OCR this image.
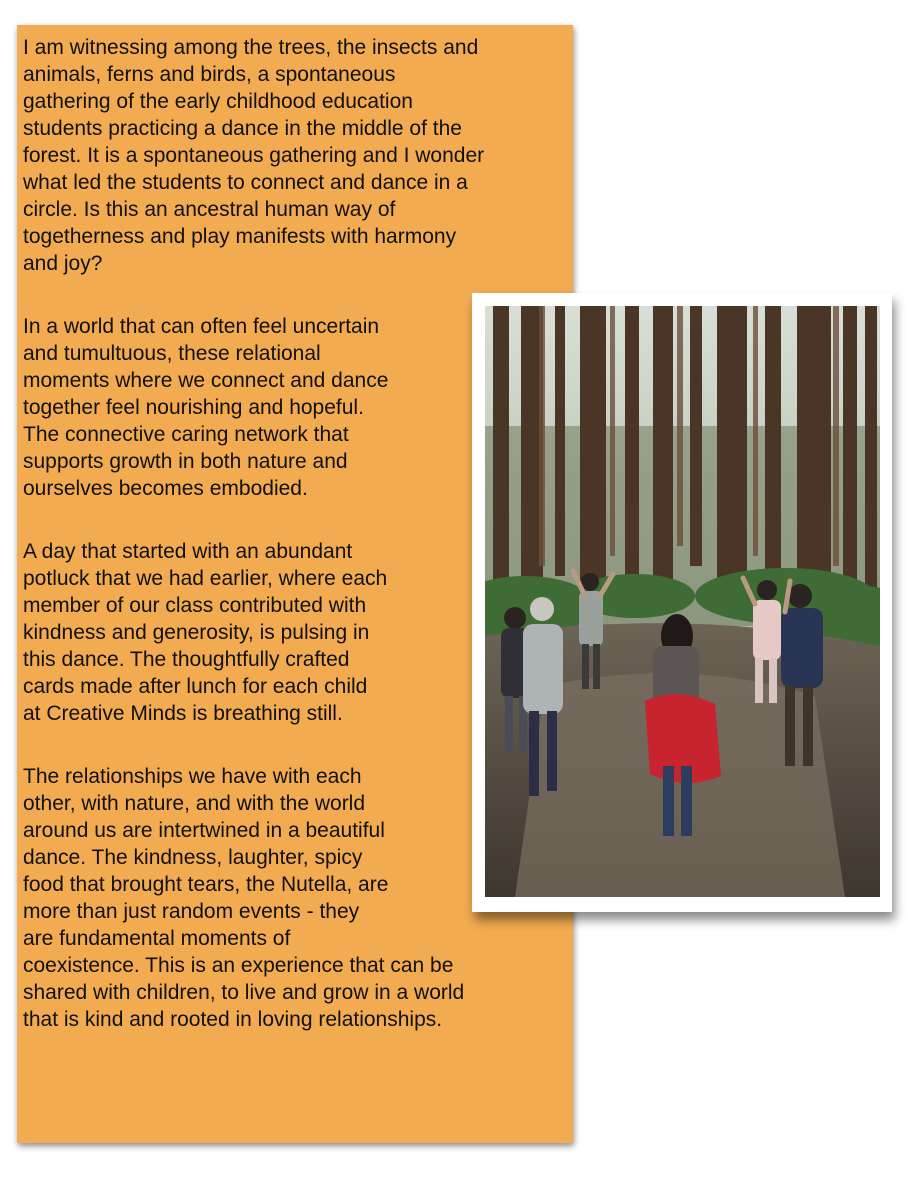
I am witnessing among the trees, the insects and
animals, ferns and birds, a spontaneous
gathering of the early childhood education
students practicing a dance in the middle of the
forest. It is a spontaneous gathering and I wonder
what led the students to connect and dance in a
circle. Is this an ancestral human way of
togetherness and play manifests with harmony
and joy?
In a world that can often feel uncertain
and tumultuous, these relational
moments where we connect and dance
together feel nourishing and hopeful.
The connective caring network that
supports growth in both nature and
ourselves becomes embodied.
A day that started with an abundant
potluck that we had earlier, where each
member of our class contributed with
kindness and generosity, is pulsing in
this dance. The thoughtfully crafted
cards made after lunch for each child
at Creative Minds is breathing still.
The relationships we have with each
other, with nature, and with the world
around us are intertwined in a beautiful
dance. The kindness, laughter, spicy
food that brought tears, the Nutella, are
more than just random events - they
are fundamental moments of
coexistence. This is an experience that can be
shared with children, to live and grow in a world
that is kind and rooted in loving relationships.
